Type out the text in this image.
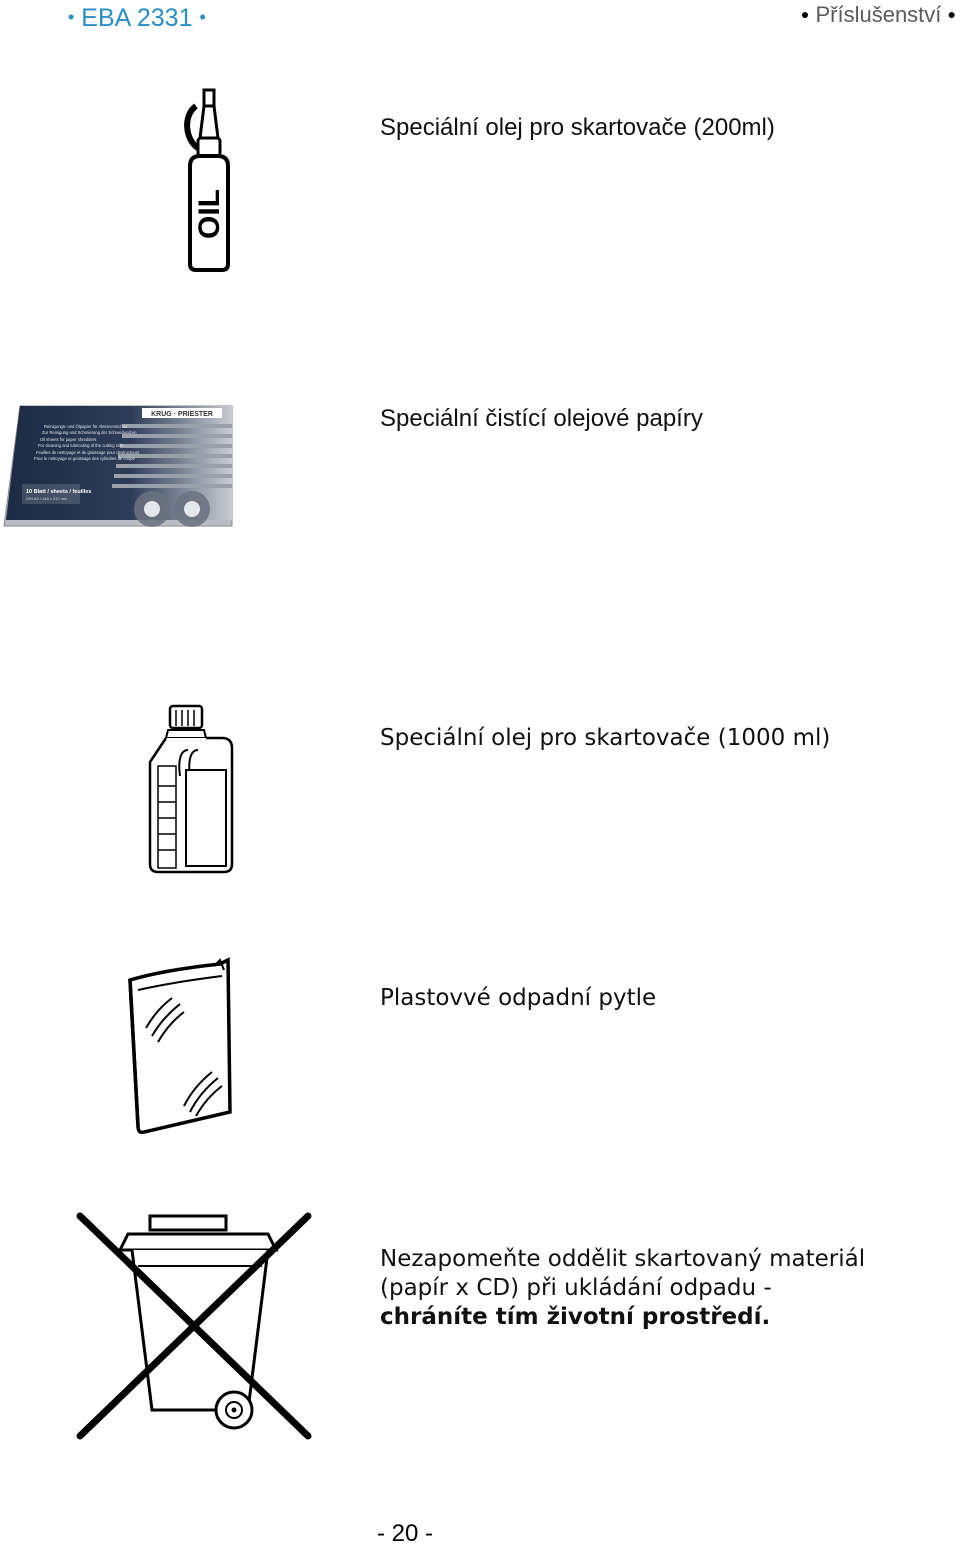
• EBA 2331 •	● Příslušenství ●
OIL
Speciální olej pro skartovače (200ml)
KRUG · PRIESTER
Reinigungs- und Ölpapier für Aktenvernichter
Zur Reinigung und Schmierung der Schneidwalzen
Oil sheets for paper shredders
For cleaning and lubricating of the cutting rolls
Feuilles de nettoyage et de graissage pour destructeurs
Pour le nettoyage et graissage des cylindres de coupe
10 Blatt / sheets / feuilles
DIN A5 / 148 x 210 mm
Speciální čistící olejové papíry
Speciální olej pro skartovače (1000 ml)
Plastovvé odpadní pytle
Nezapomeňte oddělit skartovaný materiál
(papír x CD) při ukládání odpadu -
chráníte tím životní prostředí.
- 20 -
